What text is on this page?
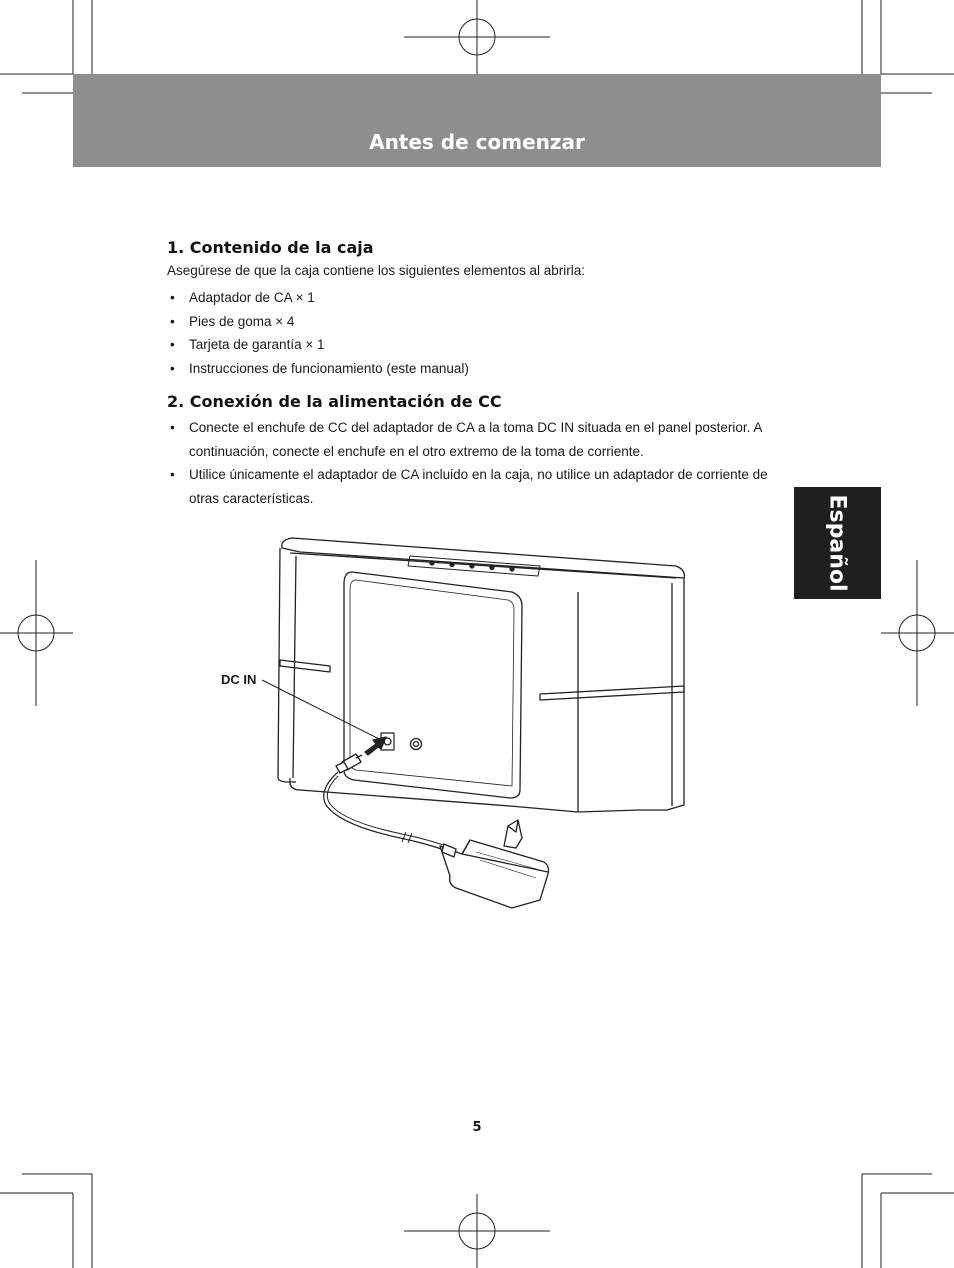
Antes de comenzar
Español
1. Contenido de la caja

Asegúrese de que la caja contiene los siguientes elementos al abrirla:

• Adaptador de CA × 1
• Pies de goma × 4
• Tarjeta de garantía × 1
• Instrucciones de funcionamiento (este manual)
2. Conexión de la alimentación de CC
• Conecte el enchufe de CC del adaptador de CA a la toma DC IN situada en el panel posterior. A continuación, conecte el enchufe en el otro extremo de la toma de corriente.
• Utilice únicamente el adaptador de CA incluido en la caja, no utilice un adaptador de corriente de otras características.
DC IN
5
